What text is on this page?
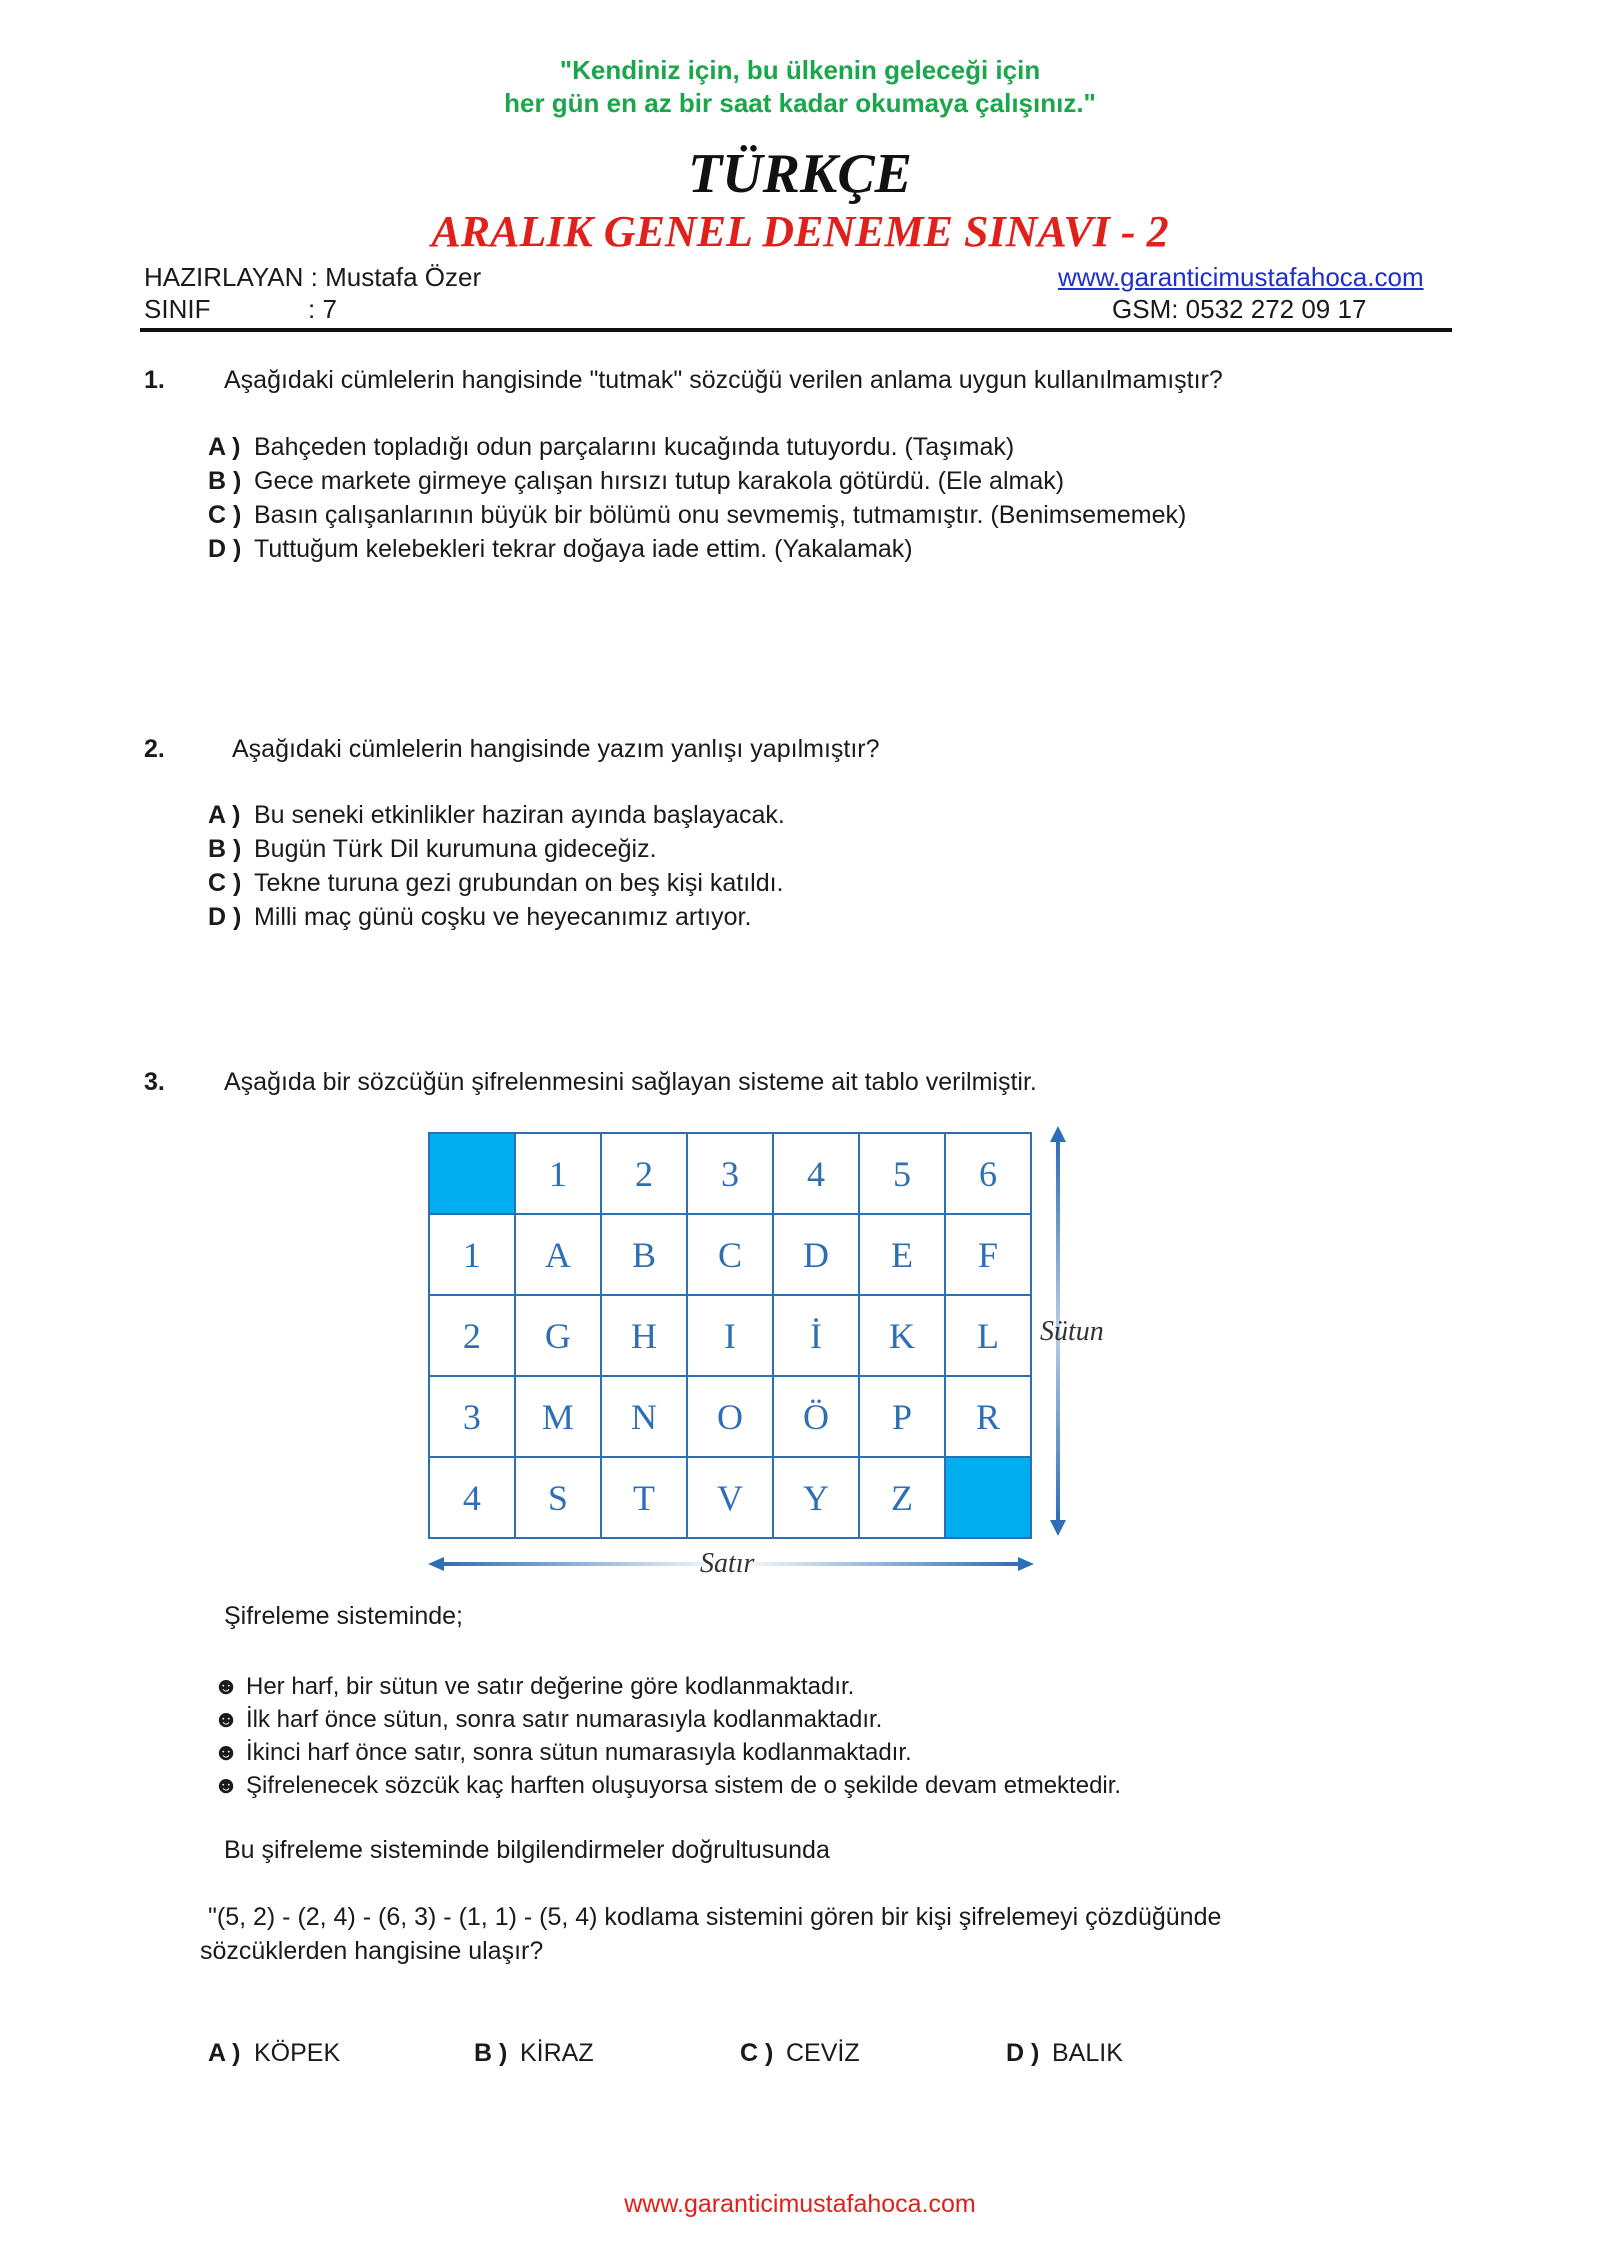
"Kendiniz için, bu ülkenin geleceği için
her gün en az bir saat kadar okumaya çalışınız."
TÜRKÇE
ARALIK GENEL DENEME SINAVI - 2
HAZIRLAYAN : Mustafa Özer	www.garanticimustafahoca.com
SINIF	: 7	GSM: 0532 272 09 17
1. Aşağıdaki cümlelerin hangisinde "tutmak" sözcüğü verilen anlama uygun kullanılmamıştır?
A ) Bahçeden topladığı odun parçalarını kucağında tutuyordu. (Taşımak)
B ) Gece markete girmeye çalışan hırsızı tutup karakola götürdü. (Ele almak)
C ) Basın çalışanlarının büyük bir bölümü onu sevmemiş, tutmamıştır. (Benimsememek)
D ) Tuttuğum kelebekleri tekrar doğaya iade ettim. (Yakalamak)
2.	Aşağıdaki cümlelerin hangisinde yazım yanlışı yapılmıştır?
A ) Bu seneki etkinlikler haziran ayında başlayacak.
B ) Bugün Türk Dil kurumuna gideceğiz.
C ) Tekne turuna gezi grubundan on beş kişi katıldı.
D ) Milli maç günü coşku ve heyecanımız artıyor.
3. Aşağıda bir sözcüğün şifrelenmesini sağlayan sisteme ait tablo verilmiştir.
	1	2	3	4	5	6
1	A	B	C	D	E	F
2	G	H	I	İ	K	L
3	M	N	O	Ö	P	R
4	S	T	V	Y	Z	
Sütun
Satır
Şifreleme sisteminde;
☻ Her harf, bir sütun ve satır değerine göre kodlanmaktadır.
☻ İlk harf önce sütun, sonra satır numarasıyla kodlanmaktadır.
☻ İkinci harf önce satır, sonra sütun numarasıyla kodlanmaktadır.
☻ Şifrelenecek sözcük kaç harften oluşuyorsa sistem de o şekilde devam etmektedir.
Bu şifreleme sisteminde bilgilendirmeler doğrultusunda
"(5, 2) - (2, 4) - (6, 3) - (1, 1) - (5, 4) kodlama sistemini gören bir kişi şifrelemeyi çözdüğünde
sözcüklerden hangisine ulaşır?
A ) KÖPEK	B ) KİRAZ	C ) CEVİZ	D ) BALIK
www.garanticimustafahoca.com
